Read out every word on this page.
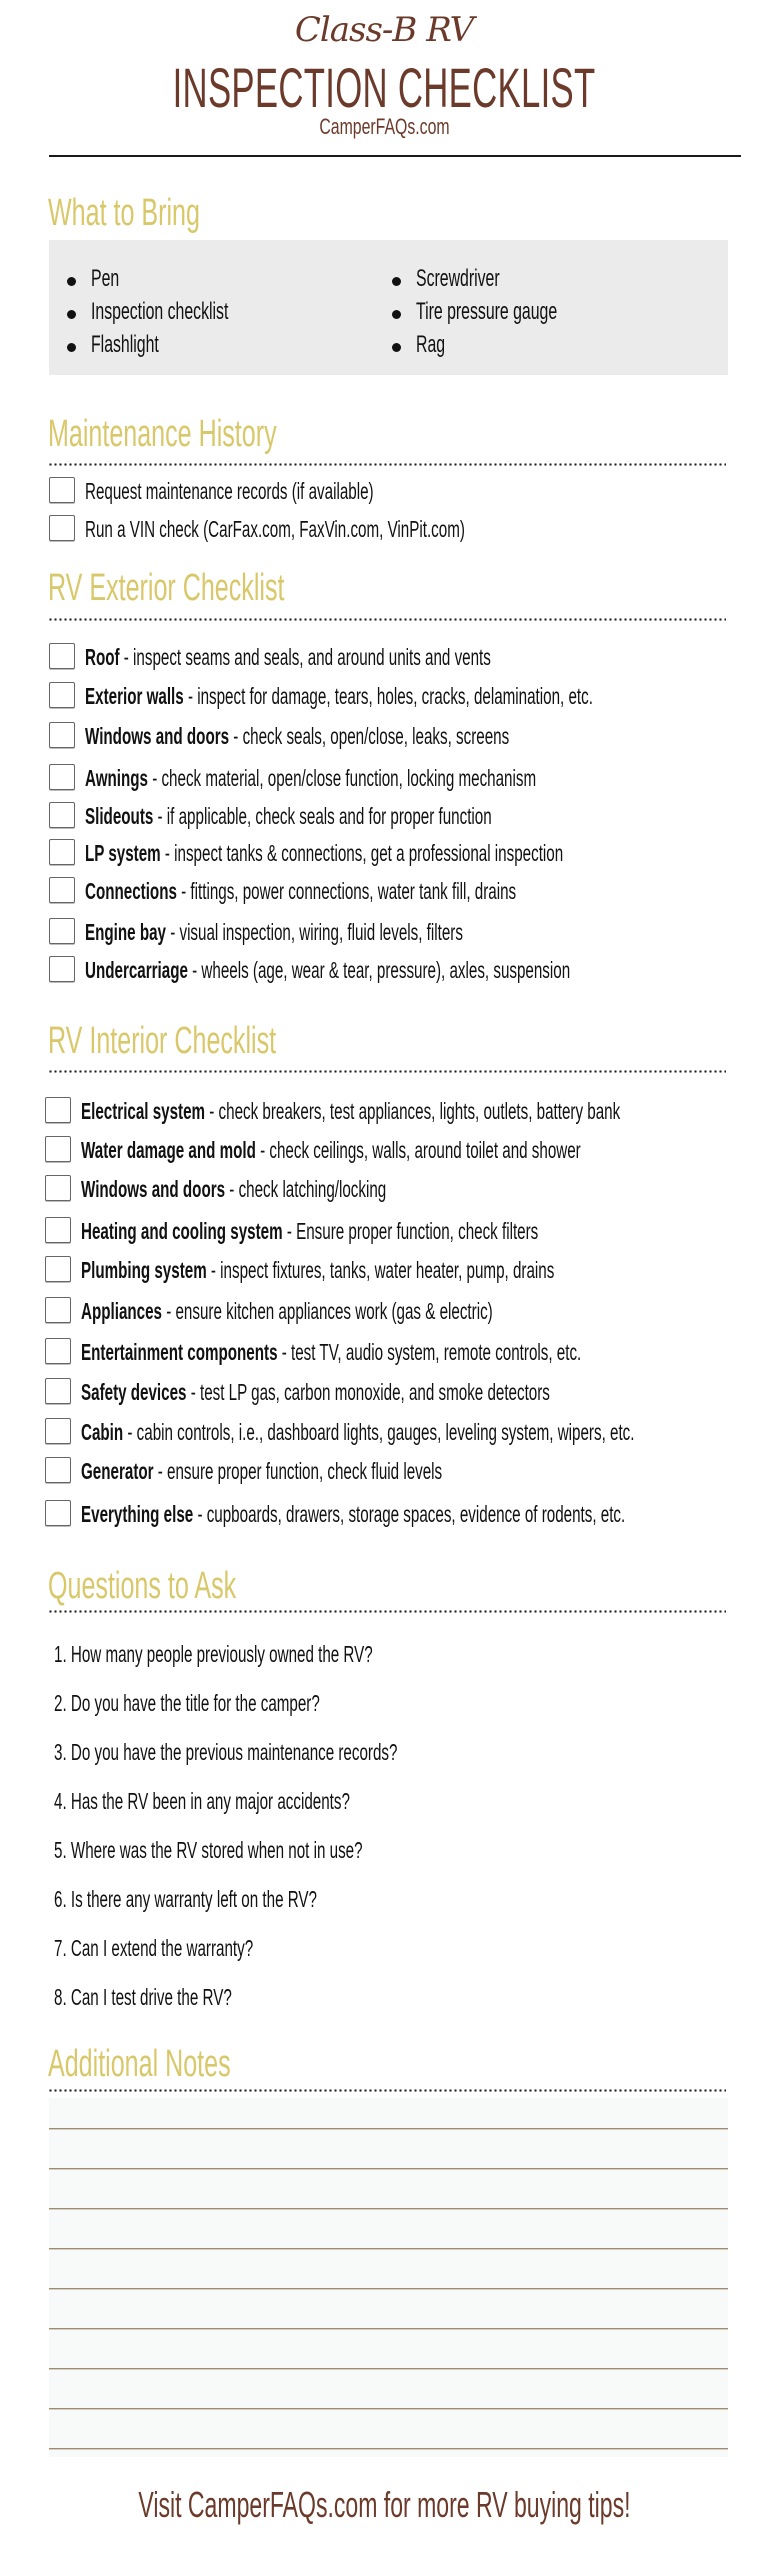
Class-B RV
INSPECTION CHECKLIST
CamperFAQs.com
What to Bring
Pen
Inspection checklist
Flashlight
Screwdriver
Tire pressure gauge
Rag
Maintenance History
Request maintenance records (if available)
Run a VIN check (CarFax.com, FaxVin.com, VinPit.com)
RV Exterior Checklist
Roof - inspect seams and seals, and around units and vents
Exterior walls - inspect for damage, tears, holes, cracks, delamination, etc.
Windows and doors - check seals, open/close, leaks, screens
Awnings - check material, open/close function, locking mechanism
Slideouts - if applicable, check seals and for proper function
LP system - inspect tanks & connections, get a professional inspection
Connections - fittings, power connections, water tank fill, drains
Engine bay - visual inspection, wiring, fluid levels, filters
Undercarriage - wheels (age, wear & tear, pressure), axles, suspension
RV Interior Checklist
Electrical system - check breakers, test appliances, lights, outlets, battery bank
Water damage and mold - check ceilings, walls, around toilet and shower
Windows and doors - check latching/locking
Heating and cooling system - Ensure proper function, check filters
Plumbing system - inspect fixtures, tanks, water heater, pump, drains
Appliances - ensure kitchen appliances work (gas & electric)
Entertainment components - test TV, audio system, remote controls, etc.
Safety devices - test LP gas, carbon monoxide, and smoke detectors
Cabin - cabin controls, i.e., dashboard lights, gauges, leveling system, wipers, etc.
Generator - ensure proper function, check fluid levels
Everything else - cupboards, drawers, storage spaces, evidence of rodents, etc.
Questions to Ask
1. How many people previously owned the RV?
2. Do you have the title for the camper?
3. Do you have the previous maintenance records?
4. Has the RV been in any major accidents?
5. Where was the RV stored when not in use?
6. Is there any warranty left on the RV?
7. Can I extend the warranty?
8. Can I test drive the RV?
Additional Notes
Visit CamperFAQs.com for more RV buying tips!
